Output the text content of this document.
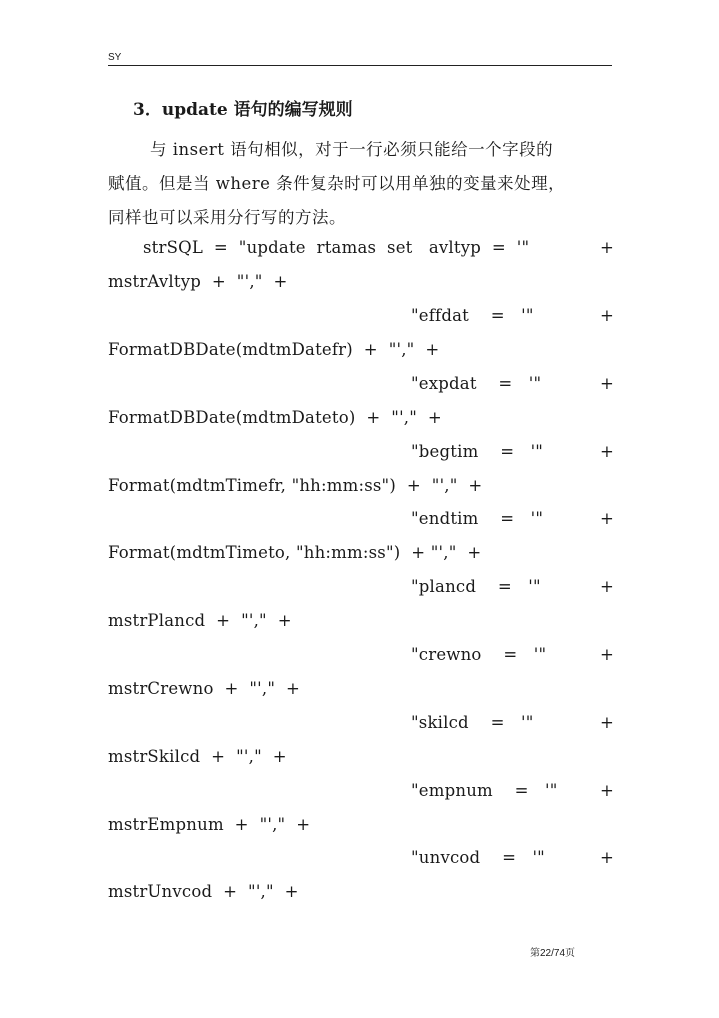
SY
3．update 语句的编写规则
与 insert 语句相似，对于一行必须只能给一个字段的
赋值。但是当 where 条件复杂时可以用单独的变量来处理，
同样也可以采用分行写的方法。
strSQL  =  "update  rtamas  set   avltyp  =  '"	+
mstrAvltyp  +  "',"  +
"effdat    =   '"	+
FormatDBDate(mdtmDatefr)  +  "',"  +
"expdat    =   '"	+
FormatDBDate(mdtmDateto)  +  "',"  +
"begtim    =   '"	+
Format(mdtmTimefr, "hh:mm:ss")  +  "',"  +
"endtim    =   '"	+
Format(mdtmTimeto, "hh:mm:ss")  + "',"  +
"plancd    =   '"	+
mstrPlancd  +  "',"  +
"crewno    =   '"	+
mstrCrewno  +  "',"  +
"skilcd    =   '"	+
mstrSkilcd  +  "',"  +
"empnum    =   '"	+
mstrEmpnum  +  "',"  +
"unvcod    =   '"	+
mstrUnvcod  +  "',"  +
第22/74页
